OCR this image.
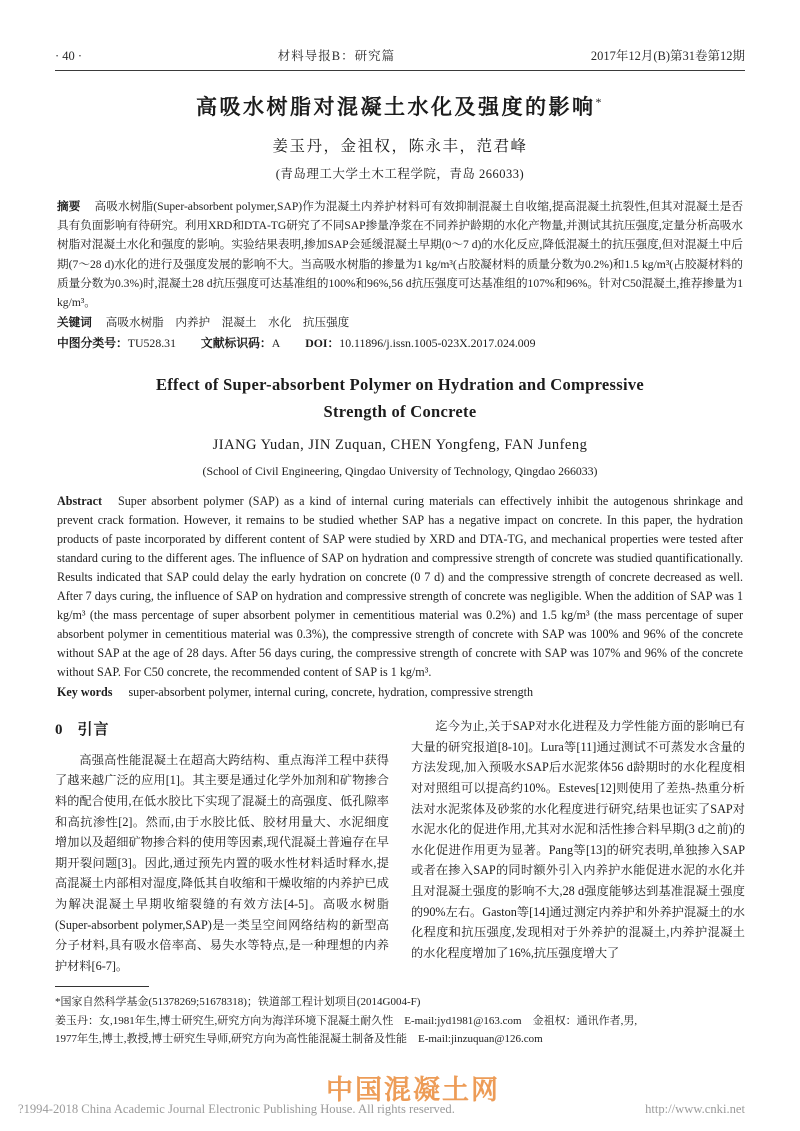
· 40 ·	材料导报B：研究篇	2017年12月(B)第31卷第12期
高吸水树脂对混凝土水化及强度的影响*
姜玉丹，金祖权，陈永丰，范君峰
(青岛理工大学土木工程学院，青岛 266033)
摘要 高吸水树脂(Super-absorbent polymer,SAP)作为混凝土内养护材料可有效抑制混凝土自收缩,提高混凝土抗裂性,但其对混凝土是否具有负面影响有待研究。利用XRD和DTA-TG研究了不同SAP掺量净浆在不同养护龄期的水化产物量,并测试其抗压强度,定量分析高吸水树脂对混凝土水化和强度的影响。实验结果表明,掺加SAP会延缓混凝土早期(0～7 d)的水化反应,降低混凝土的抗压强度,但对混凝土中后期(7～28 d)水化的进行及强度发展的影响不大。当高吸水树脂的掺量为1 kg/m³(占胶凝材料的质量分数为0.2%)和1.5 kg/m³(占胶凝材料的质量分数为0.3%)时,混凝土28 d抗压强度可达基准组的100%和96%,56 d抗压强度可达基准组的107%和96%。针对C50混凝土,推荐掺量为1 kg/m³。
关键词 高吸水树脂　内养护　混凝土　水化　抗压强度
中图分类号：TU528.31 文献标识码：A DOI：10.11896/j.issn.1005-023X.2017.024.009
Effect of Super-absorbent Polymer on Hydration and Compressive
Strength of Concrete
JIANG Yudan, JIN Zuquan, CHEN Yongfeng, FAN Junfeng
(School of Civil Engineering, Qingdao University of Technology, Qingdao 266033)
Abstract Super absorbent polymer (SAP) as a kind of internal curing materials can effectively inhibit the autogenous shrinkage and prevent crack formation. However, it remains to be studied whether SAP has a negative impact on concrete. In this paper, the hydration products of paste incorporated by different content of SAP were studied by XRD and DTA-TG, and mechanical properties were tested after standard curing to the different ages. The influence of SAP on hydration and compressive strength of concrete was studied quantificationally. Results indicated that SAP could delay the early hydration on concrete (0 7 d) and the compressive strength of concrete decreased as well. After 7 days curing, the influence of SAP on hydration and compressive strength of concrete was negligible. When the addition of SAP was 1 kg/m³ (the mass percentage of super absorbent polymer in cementitious material was 0.2%) and 1.5 kg/m³ (the mass percentage of super absorbent polymer in cementitious material was 0.3%), the compressive strength of concrete with SAP was 100% and 96% of the concrete without SAP at the age of 28 days. After 56 days curing, the compressive strength of concrete with SAP was 107% and 96% of the concrete without SAP. For C50 concrete, the recommended content of SAP is 1 kg/m³.
Key words super-absorbent polymer, internal curing, concrete, hydration, compressive strength
0 引言

高强高性能混凝土在超高大跨结构、重点海洋工程中获得了越来越广泛的应用[1]。其主要是通过化学外加剂和矿物掺合料的配合使用,在低水胶比下实现了混凝土的高强度、低孔隙率和高抗渗性[2]。然而,由于水胶比低、胶材用量大、水泥细度增加以及超细矿物掺合料的使用等因素,现代混凝土普遍存在早期开裂问题[3]。因此,通过预先内置的吸水性材料适时释水,提高混凝土内部相对湿度,降低其自收缩和干燥收缩的内养护已成为解决混凝土早期收缩裂缝的有效方法[4-5]。高吸水树脂(Super-absorbent polymer,SAP)是一类呈空间网络结构的新型高分子材料,具有吸水倍率高、易失水等特点,是一种理想的内养护材料[6-7]。

迄今为止,关于SAP对水化进程及力学性能方面的影响已有大量的研究报道[8-10]。Lura等[11]通过测试不可蒸发水含量的方法发现,加入预吸水SAP后水泥浆体56 d龄期时的水化程度相对对照组可以提高约10%。Esteves[12]则使用了差热-热重分析法对水泥浆体及砂浆的水化程度进行研究,结果也证实了SAP对水泥水化的促进作用,尤其对水泥和活性掺合料早期(3 d之前)的水化促进作用更为显著。Pang等[13]的研究表明,单独掺入SAP或者在掺入SAP的同时额外引入内养护水能促进水泥的水化并且对混凝土强度的影响不大,28 d强度能够达到基准混凝土强度的90%左右。Gaston等[14]通过测定内养护和外养护混凝土的水化程度和抗压强度,发现相对于外养护的混凝土,内养护混凝土的水化程度增加了16%,抗压强度增大了

*国家自然科学基金(51378269;51678318)；铁道部工程计划项目(2014G004-F)
姜玉丹：女,1981年生,博士研究生,研究方向为海洋环境下混凝土耐久性　E-mail:jyd1981@163.com　金祖权：通讯作者,男,
1977年生,博士,教授,博士研究生导师,研究方向为高性能混凝土制备及性能　E-mail:jinzuquan@126.com
中国混凝土网
?1994-2018 China Academic Journal Electronic Publishing House. All rights reserved.	http://www.cnki.net
